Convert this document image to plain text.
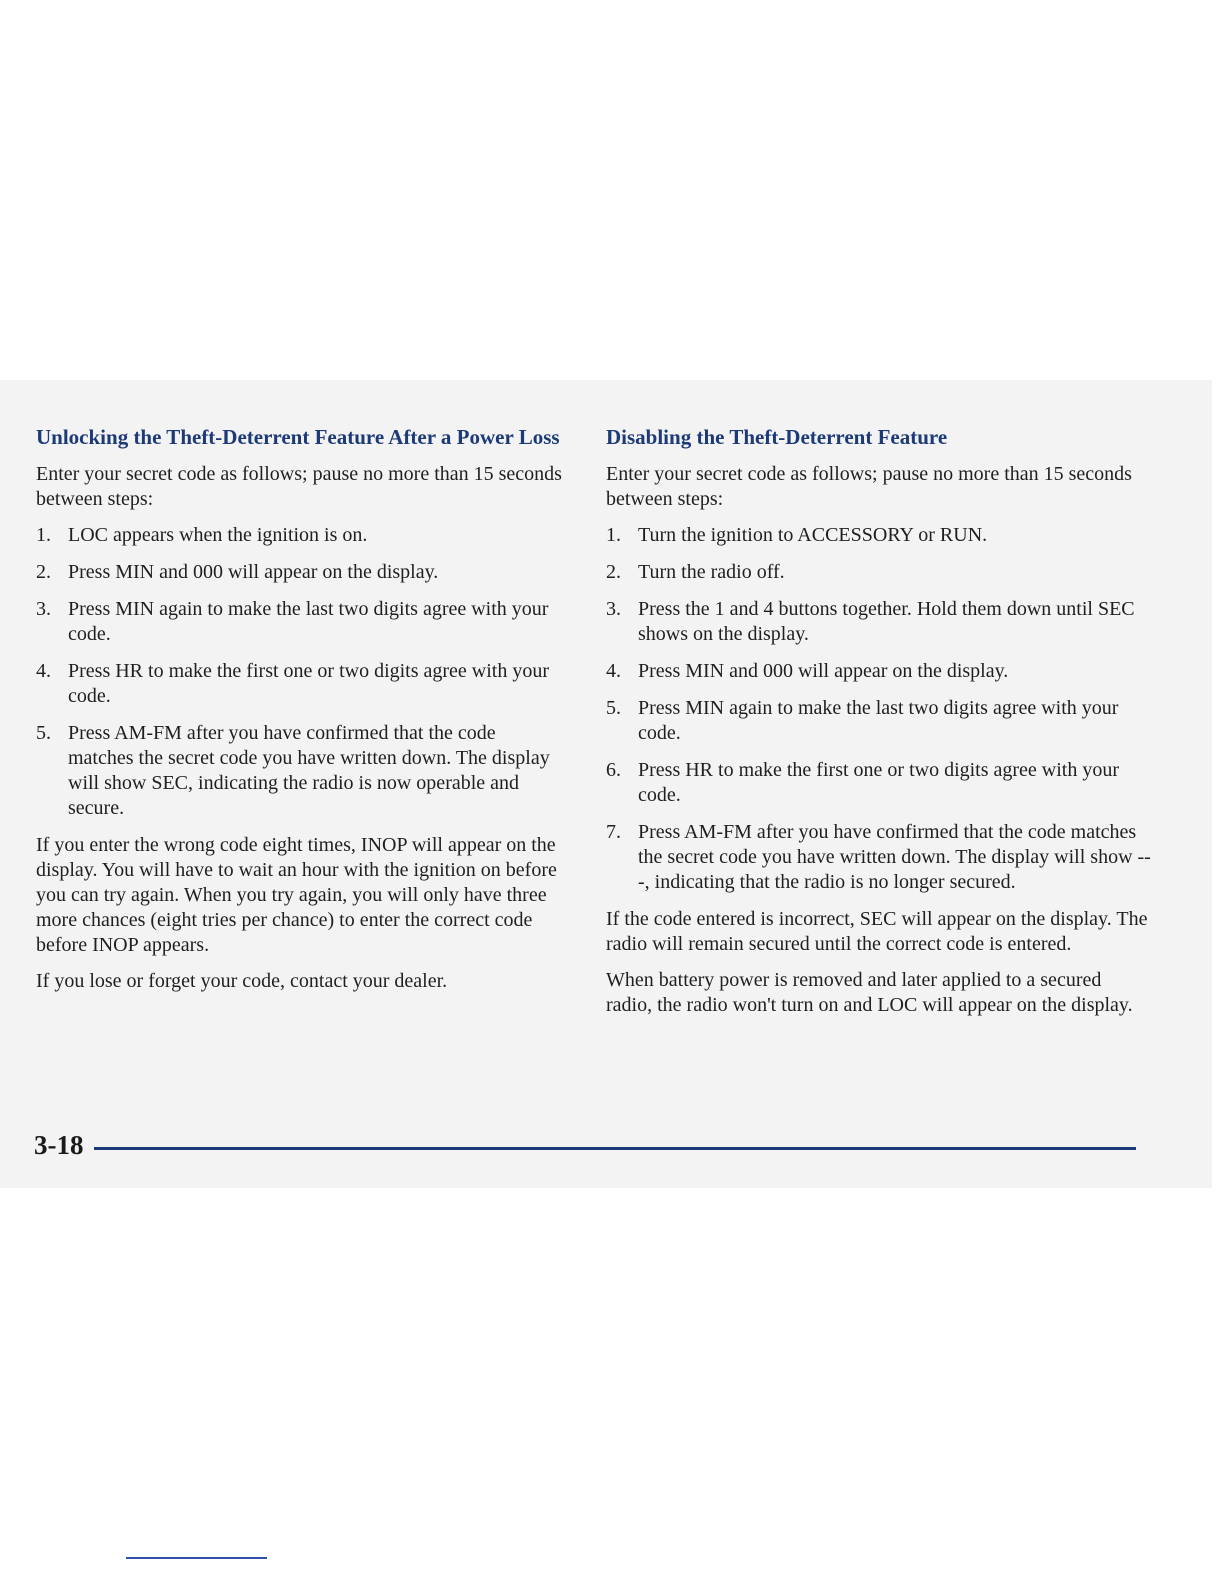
Unlocking the Theft-Deterrent Feature After a Power Loss

Enter your secret code as follows; pause no more than 15 seconds between steps:

1. LOC appears when the ignition is on.
2. Press MIN and 000 will appear on the display.
3. Press MIN again to make the last two digits agree with your code.
4. Press HR to make the first one or two digits agree with your code.
5. Press AM-FM after you have confirmed that the code matches the secret code you have written down. The display will show SEC, indicating the radio is now operable and secure.

If you enter the wrong code eight times, INOP will appear on the display. You will have to wait an hour with the ignition on before you can try again. When you try again, you will only have three more chances (eight tries per chance) to enter the correct code before INOP appears.

If you lose or forget your code, contact your dealer.

Disabling the Theft-Deterrent Feature

Enter your secret code as follows; pause no more than 15 seconds between steps:

1. Turn the ignition to ACCESSORY or RUN.
2. Turn the radio off.
3. Press the 1 and 4 buttons together. Hold them down until SEC shows on the display.
4. Press MIN and 000 will appear on the display.
5. Press MIN again to make the last two digits agree with your code.
6. Press HR to make the first one or two digits agree with your code.
7. Press AM-FM after you have confirmed that the code matches the secret code you have written down. The display will show ---, indicating that the radio is no longer secured.

If the code entered is incorrect, SEC will appear on the display. The radio will remain secured until the correct code is entered.

When battery power is removed and later applied to a secured radio, the radio won't turn on and LOC will appear on the display.

3-18
